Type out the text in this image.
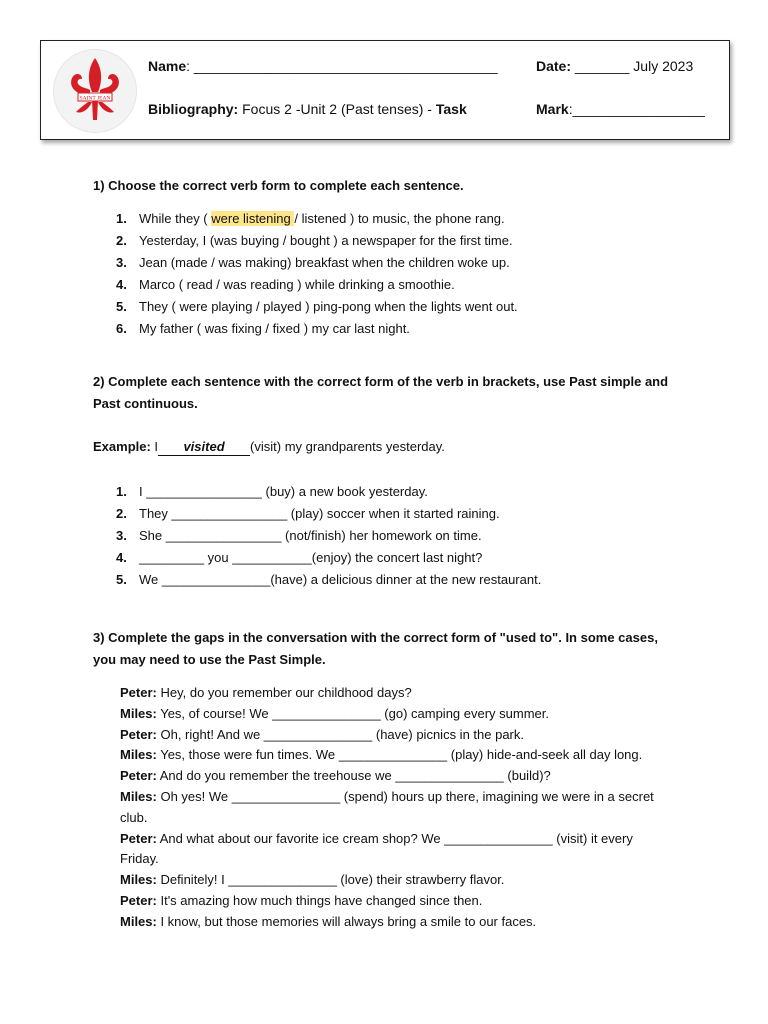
SAINT JEAN
Name: _______________________________________	Date: _______ July 2023
Bibliography: Focus 2 -Unit 2 (Past tenses) - Task	Mark:_________________
1) Choose the correct verb form to complete each sentence.
1. While they ( were listening / listened ) to music, the phone rang.
2. Yesterday, I (was buying / bought ) a newspaper for the first time.
3. Jean (made / was making) breakfast when the children woke up.
4. Marco ( read / was reading ) while drinking a smoothie.
5. They ( were playing / played ) ping-pong when the lights went out.
6. My father ( was fixing / fixed ) my car last night.
2) Complete each sentence with the correct form of the verb in brackets, use Past simple and Past continuous.
Example: I visited (visit) my grandparents yesterday.
1. I ________________ (buy) a new book yesterday.
2. They ________________ (play) soccer when it started raining.
3. She ________________ (not/finish) her homework on time.
4. _________ you ___________(enjoy) the concert last night?
5. We _______________(have) a delicious dinner at the new restaurant.
3) Complete the gaps in the conversation with the correct form of "used to". In some cases, you may need to use the Past Simple.
Peter: Hey, do you remember our childhood days?
Miles: Yes, of course! We _______________ (go) camping every summer.
Peter: Oh, right! And we _______________ (have) picnics in the park.
Miles: Yes, those were fun times. We _______________ (play) hide-and-seek all day long.
Peter: And do you remember the treehouse we _______________ (build)?
Miles: Oh yes! We _______________ (spend) hours up there, imagining we were in a secret club.
Peter: And what about our favorite ice cream shop? We _______________ (visit) it every Friday.
Miles: Definitely! I _______________ (love) their strawberry flavor.
Peter: It's amazing how much things have changed since then.
Miles: I know, but those memories will always bring a smile to our faces.
